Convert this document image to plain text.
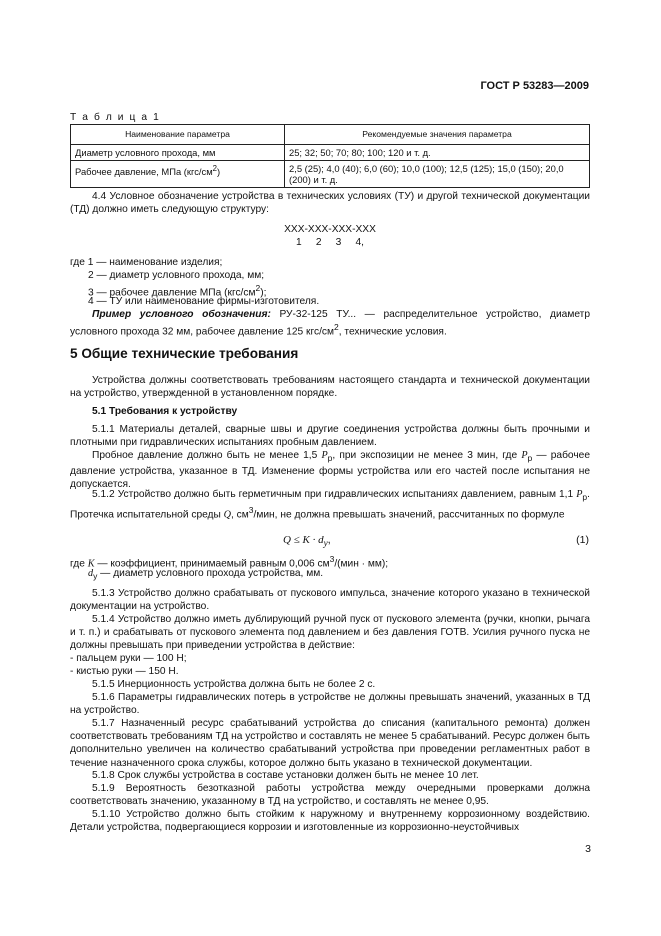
ГОСТ Р 53283—2009
Т а б л и ц а 1
Наименование параметра	Рекомендуемые значения параметра
Диаметр условного прохода, мм	25; 32; 50; 70; 80; 100; 120 и т. д.
Рабочее давление, МПа $(кгс/см^2)$	2,5 (25); 4,0 (40); 6,0 (60); 10,0 (100); 12,5 (125); 15,0 (150); 20,0 (200) и т. д.
4.4 Условное обозначение устройства в технических условиях (ТУ) и другой технической документации (ТД) должно иметь следующую структуру:
XXX-XXX-XXX-XXX
1     2     3     4,
где 1 — наименование изделия;
2 — диаметр условного прохода, мм;
3 — рабочее давление МПа $(кгс/см^2)$;
4 — ТУ или наименование фирмы-изготовителя.
Пример условного обозначения: РУ-32-125 ТУ... — распределительное устройство, диаметр условного прохода 32 мм, рабочее давление 125 кгс/$см^2$, технические условия.
5 Общие технические требования
Устройства должны соответствовать требованиям настоящего стандарта и технической документации на устройство, утвержденной в установленном порядке.
5.1 Требования к устройству
5.1.1 Материалы деталей, сварные швы и другие соединения устройства должны быть прочными и плотными при гидравлических испытаниях пробным давлением.
Пробное давление должно быть не менее 1,5 $P_р$, при экспозиции не менее 3 мин, где $P_р$ — рабочее давление устройства, указанное в ТД. Изменение формы устройства или его частей после испытания не допускается.
5.1.2 Устройство должно быть герметичным при гидравлических испытаниях давлением, равным 1,1 $P_р$. Протечка испытательной среды Q, $см^3$/мин, не должна превышать значений, рассчитанных по формуле
$Q \le K \cdot d_у$,	(1)
где K — коэффициент, принимаемый равным 0,006 $см^3/(мин \cdot мм)$;
$d_у$ — диаметр условного прохода устройства, мм.
5.1.3 Устройство должно срабатывать от пускового импульса, значение которого указано в технической документации на устройство.
5.1.4 Устройство должно иметь дублирующий ручной пуск от пускового элемента (ручки, кнопки, рычага и т. п.) и срабатывать от пускового элемента под давлением и без давления ГОТВ. Усилия ручного пуска не должны превышать при приведении устройства в действие:
- пальцем руки — 100 Н;
- кистью руки — 150 Н.
5.1.5 Инерционность устройства должна быть не более 2 с.
5.1.6 Параметры гидравлических потерь в устройстве не должны превышать значений, указанных в ТД на устройство.
5.1.7 Назначенный ресурс срабатываний устройства до списания (капитального ремонта) должен соответствовать требованиям ТД на устройство и составлять не менее 5 срабатываний. Ресурс должен быть дополнительно увеличен на количество срабатываний устройства при проведении регламентных работ в течение назначенного срока службы, которое должно быть указано в технической документации.
5.1.8 Срок службы устройства в составе установки должен быть не менее 10 лет.
5.1.9 Вероятность безотказной работы устройства между очередными проверками должна соответствовать значению, указанному в ТД на устройство, и составлять не менее 0,95.
5.1.10 Устройство должно быть стойким к наружному и внутреннему коррозионному воздействию. Детали устройства, подвергающиеся коррозии и изготовленные из коррозионно-неустойчивых
3
